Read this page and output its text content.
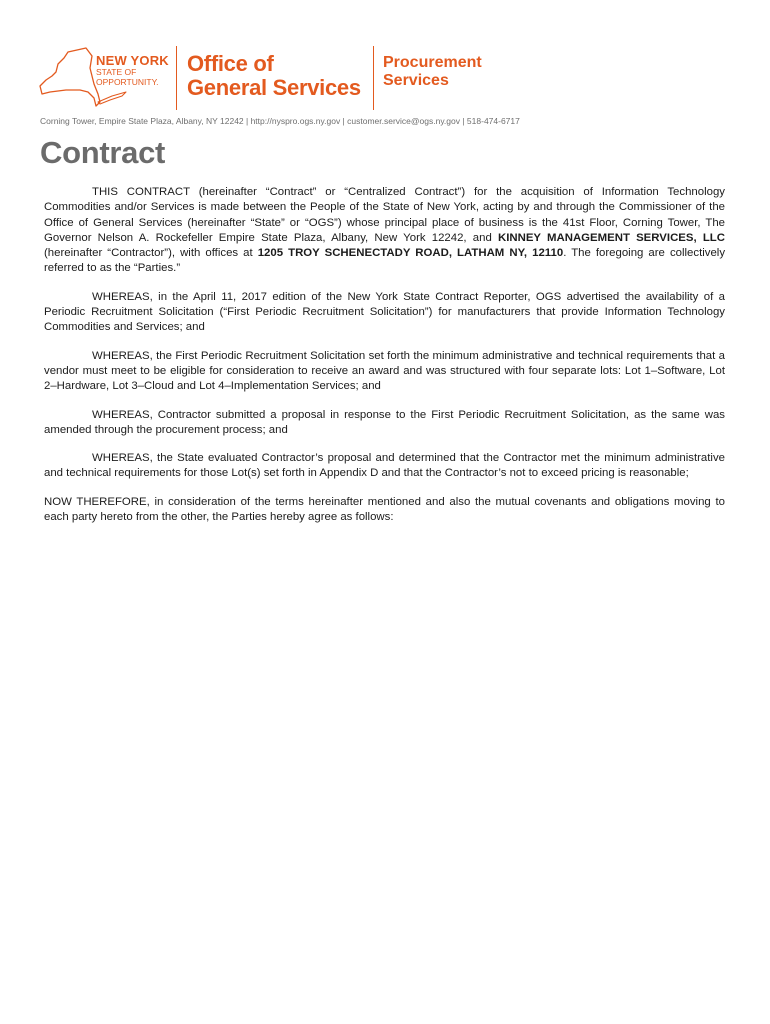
NEW YORK
STATE OF
OPPORTUNITY.
Office of
General Services
Procurement
Services
Corning Tower, Empire State Plaza, Albany, NY 12242 | http://nyspro.ogs.ny.gov | customer.service@ogs.ny.gov | 518-474-6717
Contract

THIS CONTRACT (hereinafter “Contract” or “Centralized Contract”) for the acquisition of Information Technology Commodities and/or Services is made between the People of the State of New York, acting by and through the Commissioner of the Office of General Services (hereinafter “State” or “OGS”) whose principal place of business is the 41st Floor, Corning Tower, The Governor Nelson A. Rockefeller Empire State Plaza, Albany, New York 12242, and KINNEY MANAGEMENT SERVICES, LLC (hereinafter “Contractor”), with offices at 1205 TROY SCHENECTADY ROAD, LATHAM NY, 12110. The foregoing are collectively referred to as the “Parties.”

WHEREAS, in the April 11, 2017 edition of the New York State Contract Reporter, OGS advertised the availability of a Periodic Recruitment Solicitation (“First Periodic Recruitment Solicitation”) for manufacturers that provide Information Technology Commodities and Services; and

WHEREAS, the First Periodic Recruitment Solicitation set forth the minimum administrative and technical requirements that a vendor must meet to be eligible for consideration to receive an award and was structured with four separate lots: Lot 1–Software, Lot 2–Hardware, Lot 3–Cloud and Lot 4–Implementation Services; and

WHEREAS, Contractor submitted a proposal in response to the First Periodic Recruitment Solicitation, as the same was amended through the procurement process; and

WHEREAS, the State evaluated Contractor’s proposal and determined that the Contractor met the minimum administrative and technical requirements for those Lot(s) set forth in Appendix D and that the Contractor’s not to exceed pricing is reasonable;

NOW THEREFORE, in consideration of the terms hereinafter mentioned and also the mutual covenants and obligations moving to each party hereto from the other, the Parties hereby agree as follows:
